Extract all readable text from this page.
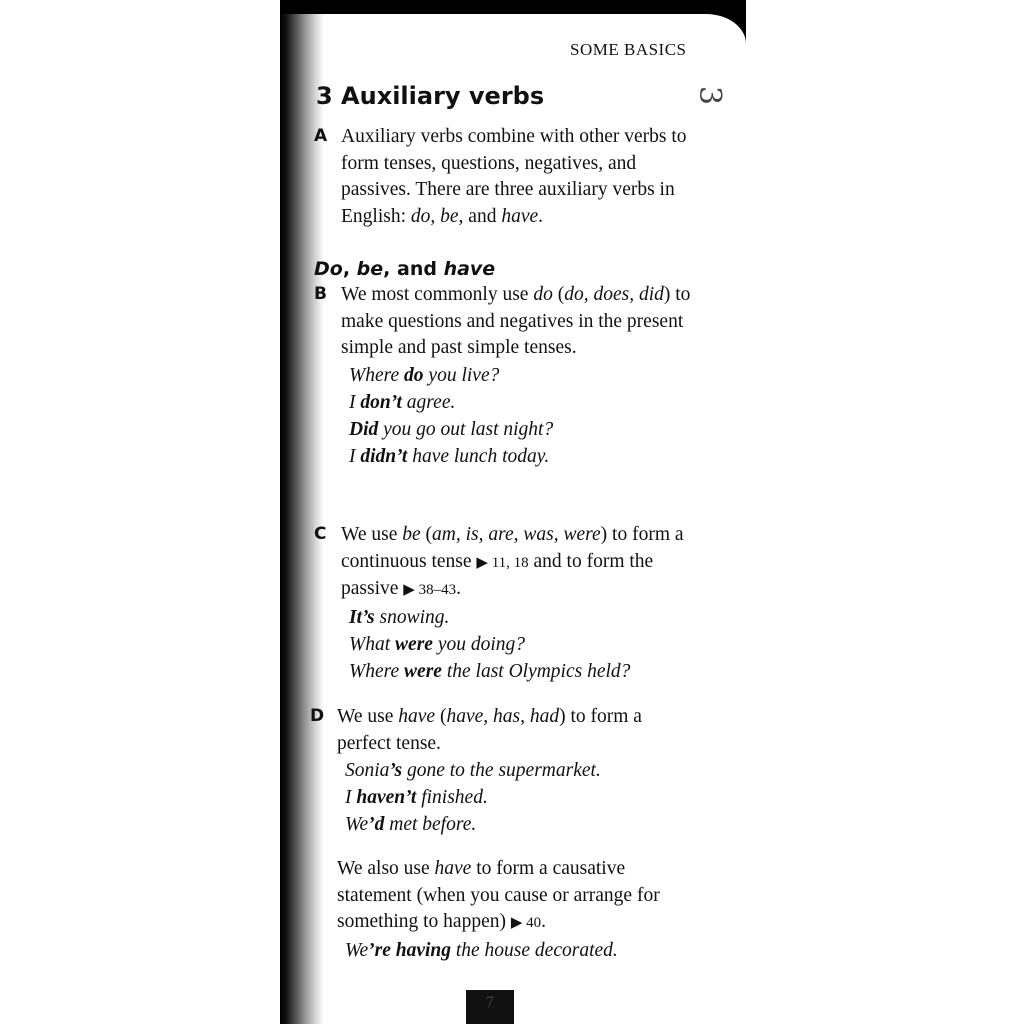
SOME BASICS
3
3 Auxiliary verbs
A Auxiliary verbs combine with other verbs to form tenses, questions, negatives, and passives. There are three auxiliary verbs in English: do, be, and have.
Do, be, and have
B We most commonly use do (do, does, did) to make questions and negatives in the present simple and past simple tenses.
Where do you live?
I don’t agree.
Did you go out last night?
I didn’t have lunch today.
C We use be (am, is, are, was, were) to form a continuous tense ▶ 11, 18 and to form the passive ▶ 38–43.
It’s snowing.
What were you doing?
Where were the last Olympics held?
D We use have (have, has, had) to form a perfect tense.
Sonia’s gone to the supermarket.
I haven’t finished.
We’d met before.
We also use have to form a causative statement (when you cause or arrange for something to happen) ▶ 40.
We’re having the house decorated.
7
